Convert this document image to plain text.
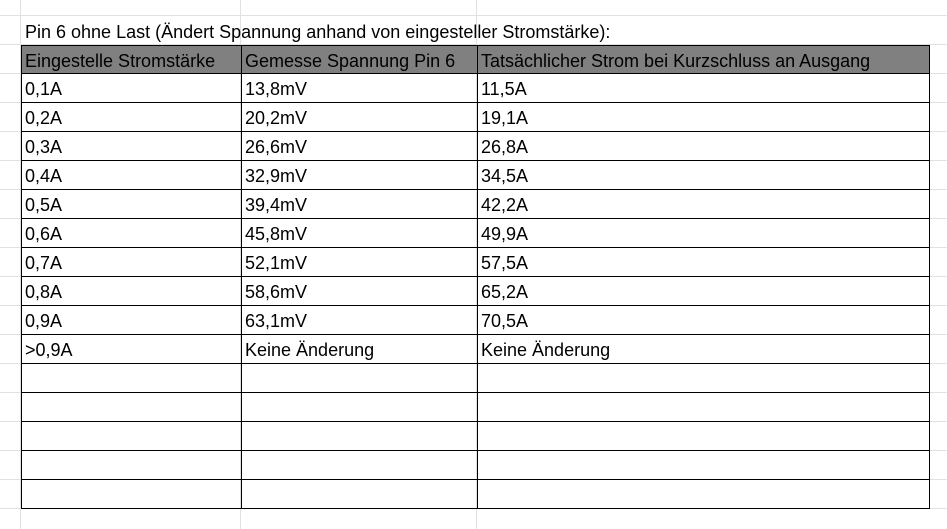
Pin 6 ohne Last (Ändert Spannung anhand von eingesteller Stromstärke):
Eingestelle Stromstärke	Gemesse Spannung Pin 6	Tatsächlicher Strom bei Kurzschluss an Ausgang
0,1A	13,8mV	11,5A
0,2A	20,2mV	19,1A
0,3A	26,6mV	26,8A
0,4A	32,9mV	34,5A
0,5A	39,4mV	42,2A
0,6A	45,8mV	49,9A
0,7A	52,1mV	57,5A
0,8A	58,6mV	65,2A
0,9A	63,1mV	70,5A
>0,9A	Keine Änderung	Keine Änderung
